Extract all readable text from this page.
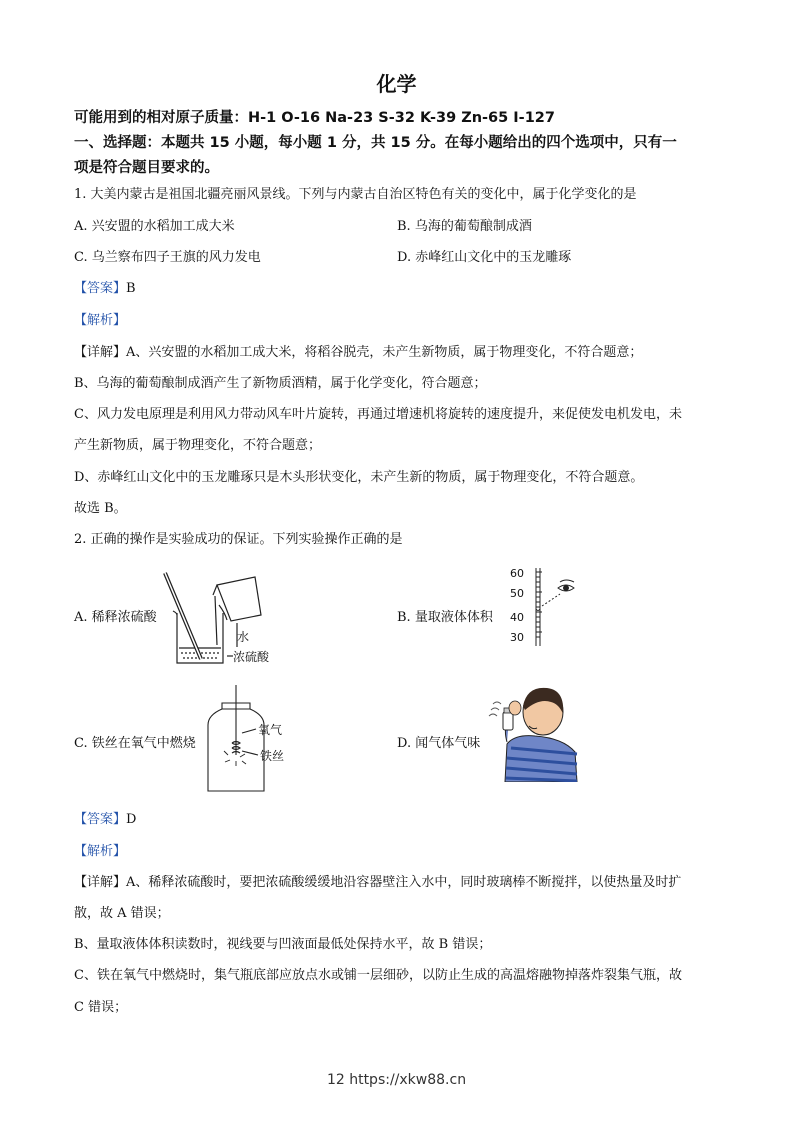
化学
可能用到的相对原子质量：H-1 O-16 Na-23 S-32 K-39 Zn-65 I-127
一、选择题：本题共 15 小题，每小题 1 分，共 15 分。在每小题给出的四个选项中，只有一
项是符合题目要求的。
1. 大美内蒙古是祖国北疆亮丽风景线。下列与内蒙古自治区特色有关的变化中，属于化学变化的是
A. 兴安盟的水稻加工成大米	B. 乌海的葡萄酿制成酒
C. 乌兰察布四子王旗的风力发电	D. 赤峰红山文化中的玉龙雕琢
【答案】B
【解析】
【详解】A、兴安盟的水稻加工成大米，将稻谷脱壳，未产生新物质，属于物理变化，不符合题意；
B、乌海的葡萄酿制成酒产生了新物质酒精，属于化学变化，符合题意；
C、风力发电原理是利用风力带动风车叶片旋转，再通过增速机将旋转的速度提升，来促使发电机发电，未
产生新物质，属于物理变化，不符合题意；
D、赤峰红山文化中的玉龙雕琢只是木头形状变化，未产生新的物质，属于物理变化，不符合题意。
故选 B。
2. 正确的操作是实验成功的保证。下列实验操作正确的是
A. 稀释浓硫酸	B. 量取液体体积
C. 铁丝在氧气中燃烧	D. 闻气体气味
水
浓硫酸
60
50
40
30
氧气
铁丝
【答案】D
【解析】
【详解】A、稀释浓硫酸时，要把浓硫酸缓缓地沿容器壁注入水中，同时玻璃棒不断搅拌，以使热量及时扩
散，故 A 错误；
B、量取液体体积读数时，视线要与凹液面最低处保持水平，故 B 错误；
C、铁在氧气中燃烧时，集气瓶底部应放点水或铺一层细砂，以防止生成的高温熔融物掉落炸裂集气瓶，故
C 错误；
12 https://xkw88.cn
